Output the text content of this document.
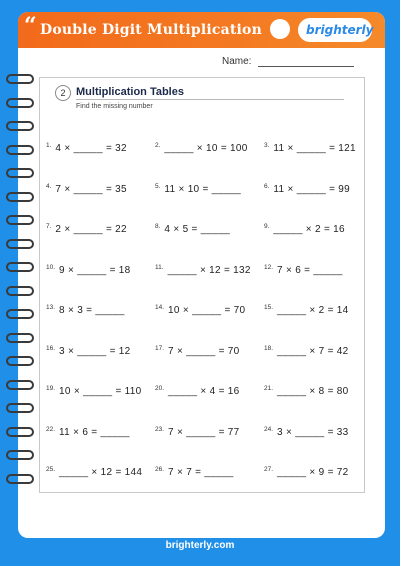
“ Double Digit Multiplication	brighterly
Name:
2 Multiplication Tables
Find the missing number
$^{1.}$ 4 × _____ = 32	$^{2.}$ _____ × 10 = 100	$^{3.}$ 11 × _____ = 121
$^{4.}$ 7 × _____ = 35	$^{5.}$ 11 × 10 = _____	$^{6.}$ 11 × _____ = 99
$^{7.}$ 2 × _____ = 22	$^{8.}$ 4 × 5 = _____	$^{9.}$ _____ × 2 = 16
$^{10.}$ 9 × _____ = 18	$^{11.}$ _____ × 12 = 132 $^{12.}$ 7 × 6 = _____
$^{13.}$ 8 × 3 = _____	$^{14.}$ 10 × _____ = 70	$^{15.}$ _____ × 2 = 14
$^{16.}$ 3 × _____ = 12	$^{17.}$ 7 × _____ = 70	$^{18.}$ _____ × 7 = 42
$^{19.}$ 10 × _____ = 110 $^{20.}$ _____ × 4 = 16	$^{21.}$ _____ × 8 = 80
$^{22.}$ 11 × 6 = _____	$^{23.}$ 7 × _____ = 77	$^{24.}$ 3 × _____ = 33
$^{25.}$ _____ × 12 = 144 $^{26.}$ 7 × 7 = _____	$^{27.}$ _____ × 9 = 72
brighterly.com
